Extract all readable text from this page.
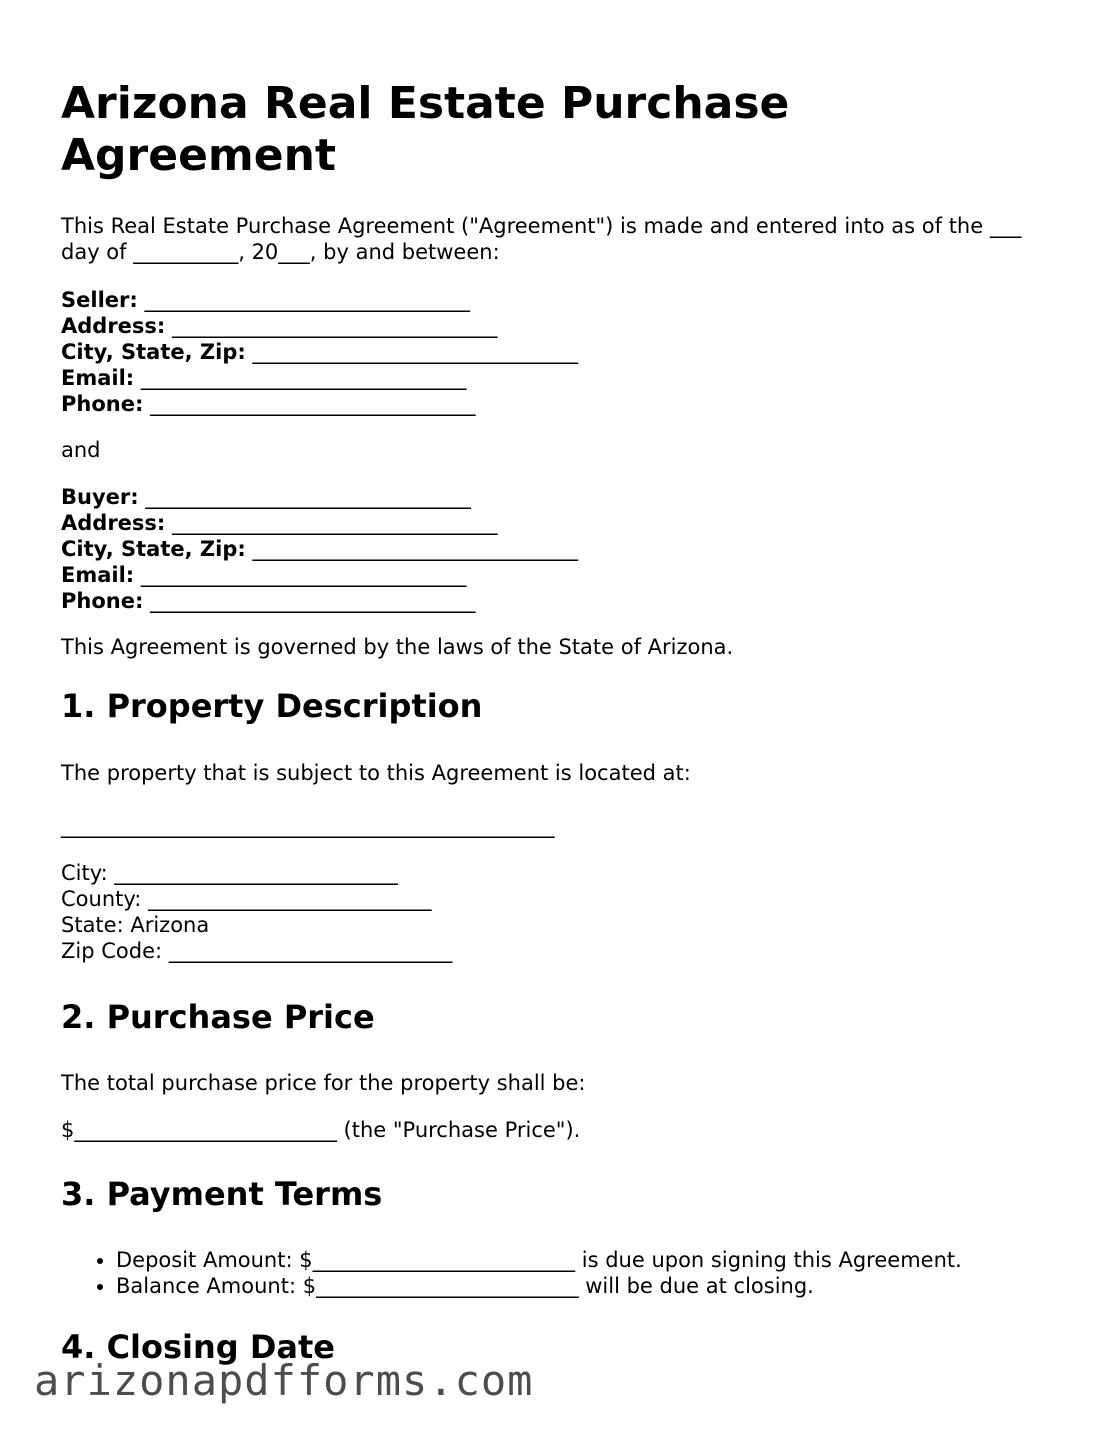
Arizona Real Estate Purchase Agreement

This Real Estate Purchase Agreement ("Agreement") is made and entered into as of the ___ day of __________, 20___, by and between:

Seller: _______________________________
Address: _______________________________
City, State, Zip: _______________________________
Email: _______________________________
Phone: _______________________________

and

Buyer: _______________________________
Address: _______________________________
City, State, Zip: _______________________________
Email: _______________________________
Phone: _______________________________

This Agreement is governed by the laws of the State of Arizona.

1. Property Description

The property that is subject to this Agreement is located at:

_______________________________________________

City: ___________________________
County: ___________________________
State: Arizona
Zip Code: ___________________________
2. Purchase Price

The total purchase price for the property shall be:

$_________________________ (the "Purchase Price").

3. Payment Terms
• Deposit Amount: $_________________________ is due upon signing this Agreement.
• Balance Amount: $_________________________ will be due at closing.
4. Closing Date
arizonapdfforms.com
